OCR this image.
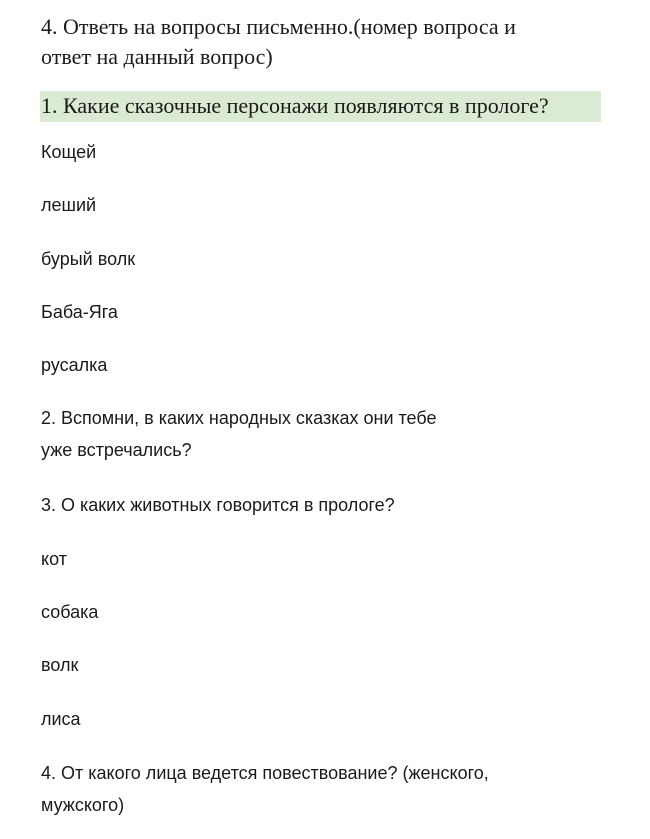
4. Ответь на вопросы письменно.(номер вопроса и
ответ на данный вопрос)
1. Какие сказочные персонажи появляются в прологе?
Кощей
леший
бурый волк
Баба-Яга
русалка
2. Вспомни, в каких народных сказках они тебе
уже встречались?
3. О каких животных говорится в прологе?
кот
собака
волк
лиса
4. От какого лица ведется повествование? (женского,
мужского)
